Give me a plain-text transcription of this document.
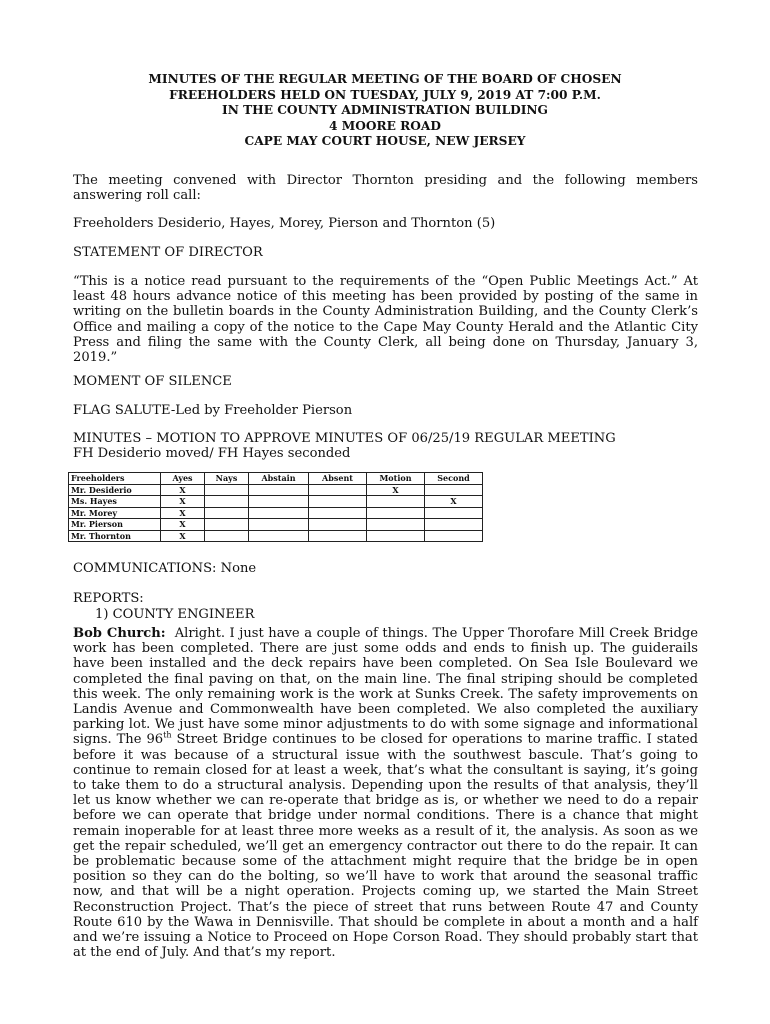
MINUTES OF THE REGULAR MEETING OF THE BOARD OF CHOSEN
FREEHOLDERS HELD ON TUESDAY, JULY 9, 2019 AT 7:00 P.M.
IN THE COUNTY ADMINISTRATION BUILDING
4 MOORE ROAD
CAPE MAY COURT HOUSE, NEW JERSEY

The meeting convened with Director Thornton presiding and the following members answering roll call:

Freeholders Desiderio, Hayes, Morey, Pierson and Thornton (5)

STATEMENT OF DIRECTOR

“This is a notice read pursuant to the requirements of the “Open Public Meetings Act.” At least 48 hours advance notice of this meeting has been provided by posting of the same in writing on the bulletin boards in the County Administration Building, and the County Clerk’s Office and mailing a copy of the notice to the Cape May County Herald and the Atlantic City Press and filing the same with the County Clerk, all being done on Thursday, January 3, 2019.”

MOMENT OF SILENCE

FLAG SALUTE-Led by Freeholder Pierson

MINUTES – MOTION TO APPROVE MINUTES OF 06/25/19 REGULAR MEETING

FH Desiderio moved/ FH Hayes seconded

Freeholders	Ayes	Nays	Abstain	Absent	Motion	Second
Mr. Desiderio	X				X	
Ms. Hayes	X					X
Mr. Morey	X					
Mr. Pierson	X					
Mr. Thornton	X					

COMMUNICATIONS: None

REPORTS:

1) COUNTY ENGINEER

Bob Church: Alright. I just have a couple of things. The Upper Thorofare Mill Creek Bridge work has been completed. There are just some odds and ends to finish up. The guiderails have been installed and the deck repairs have been completed. On Sea Isle Boulevard we completed the final paving on that, on the main line. The final striping should be completed this week. The only remaining work is the work at Sunks Creek. The safety improvements on Landis Avenue and Commonwealth have been completed. We also completed the auxiliary parking lot. We just have some minor adjustments to do with some signage and informational signs. The 96th Street Bridge continues to be closed for operations to marine traffic. I stated before it was because of a structural issue with the southwest bascule. That’s going to continue to remain closed for at least a week, that’s what the consultant is saying, it’s going to take them to do a structural analysis. Depending upon the results of that analysis, they’ll let us know whether we can re-operate that bridge as is, or whether we need to do a repair before we can operate that bridge under normal conditions. There is a chance that might remain inoperable for at least three more weeks as a result of it, the analysis. As soon as we get the repair scheduled, we’ll get an emergency contractor out there to do the repair. It can be problematic because some of the attachment might require that the bridge be in open position so they can do the bolting, so we’ll have to work that around the seasonal traffic now, and that will be a night operation. Projects coming up, we started the Main Street Reconstruction Project. That’s the piece of street that runs between Route 47 and County Route 610 by the Wawa in Dennisville. That should be complete in about a month and a half and we’re issuing a Notice to Proceed on Hope Corson Road. They should probably start that at the end of July. And that’s my report.
